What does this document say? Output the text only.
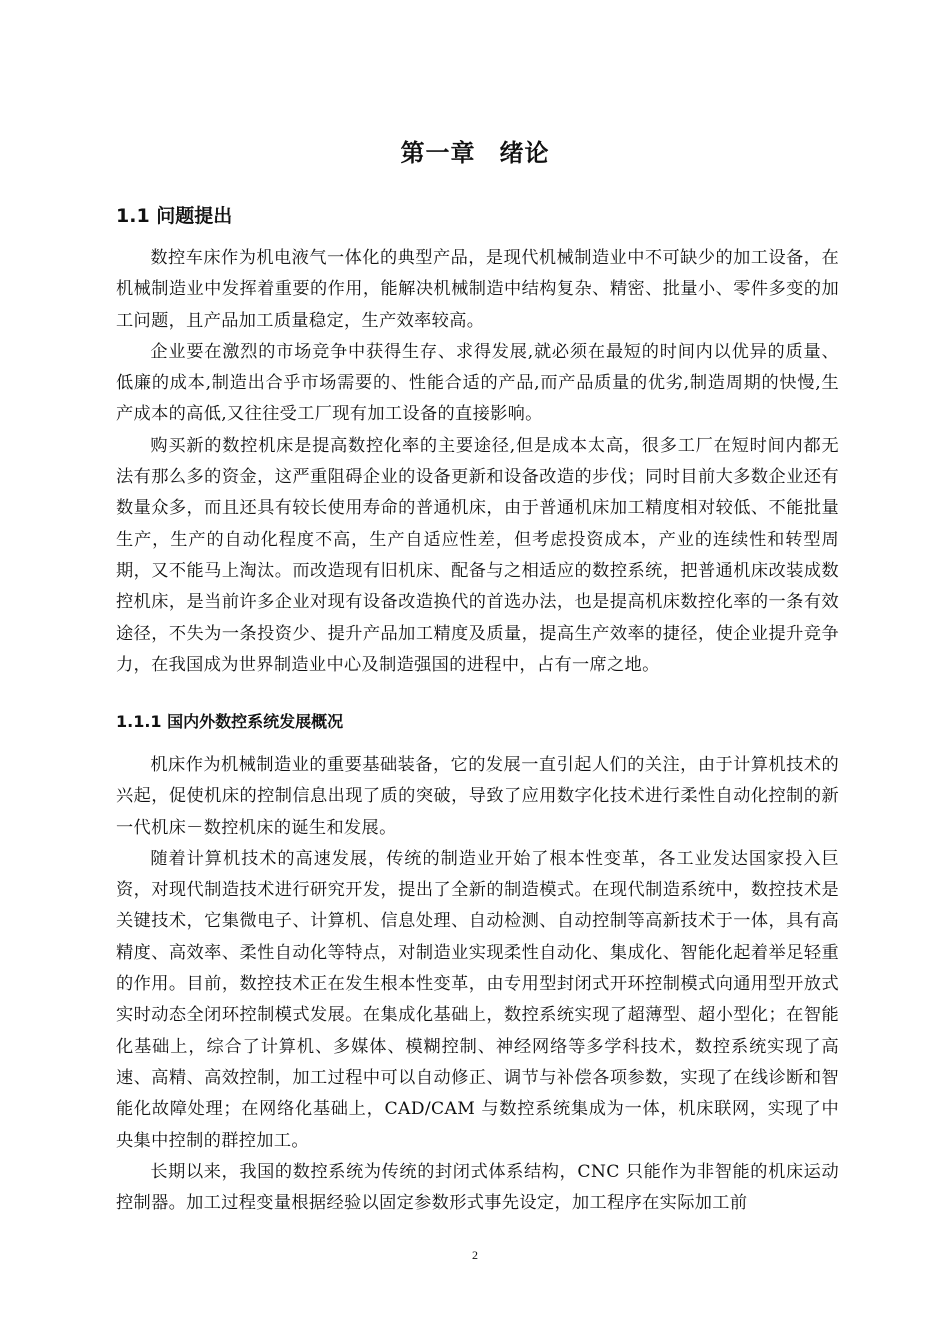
第一章 绪论
1.1 问题提出

数控车床作为机电液气一体化的典型产品，是现代机械制造业中不可缺少的加工设备，在机械制造业中发挥着重要的作用，能解决机械制造中结构复杂、精密、批量小、零件多变的加工问题，且产品加工质量稳定，生产效率较高。

企业要在激烈的市场竞争中获得生存、求得发展,就必须在最短的时间内以优异的质量、低廉的成本,制造出合乎市场需要的、性能合适的产品,而产品质量的优劣,制造周期的快慢,生产成本的高低,又往往受工厂现有加工设备的直接影响。

购买新的数控机床是提高数控化率的主要途径,但是成本太高，很多工厂在短时间内都无法有那么多的资金，这严重阻碍企业的设备更新和设备改造的步伐；同时目前大多数企业还有数量众多，而且还具有较长使用寿命的普通机床，由于普通机床加工精度相对较低、不能批量生产，生产的自动化程度不高，生产自适应性差，但考虑投资成本，产业的连续性和转型周期，又不能马上淘汰。而改造现有旧机床、配备与之相适应的数控系统，把普通机床改装成数控机床，是当前许多企业对现有设备改造换代的首选办法，也是提高机床数控化率的一条有效途径，不失为一条投资少、提升产品加工精度及质量，提高生产效率的捷径，使企业提升竞争力，在我国成为世界制造业中心及制造强国的进程中，占有一席之地。

1.1.1 国内外数控系统发展概况

机床作为机械制造业的重要基础装备，它的发展一直引起人们的关注，由于计算机技术的兴起，促使机床的控制信息出现了质的突破，导致了应用数字化技术进行柔性自动化控制的新一代机床－数控机床的诞生和发展。

随着计算机技术的高速发展，传统的制造业开始了根本性变革，各工业发达国家投入巨资，对现代制造技术进行研究开发，提出了全新的制造模式。在现代制造系统中，数控技术是关键技术，它集微电子、计算机、信息处理、自动检测、自动控制等高新技术于一体，具有高精度、高效率、柔性自动化等特点，对制造业实现柔性自动化、集成化、智能化起着举足轻重的作用。目前，数控技术正在发生根本性变革，由专用型封闭式开环控制模式向通用型开放式实时动态全闭环控制模式发展。在集成化基础上，数控系统实现了超薄型、超小型化；在智能化基础上，综合了计算机、多媒体、模糊控制、神经网络等多学科技术，数控系统实现了高速、高精、高效控制，加工过程中可以自动修正、调节与补偿各项参数，实现了在线诊断和智能化故障处理；在网络化基础上，CAD/CAM 与数控系统集成为一体，机床联网，实现了中央集中控制的群控加工。

长期以来，我国的数控系统为传统的封闭式体系结构，CNC 只能作为非智能的机床运动控制器。加工过程变量根据经验以固定参数形式事先设定，加工程序在实际加工前

2
